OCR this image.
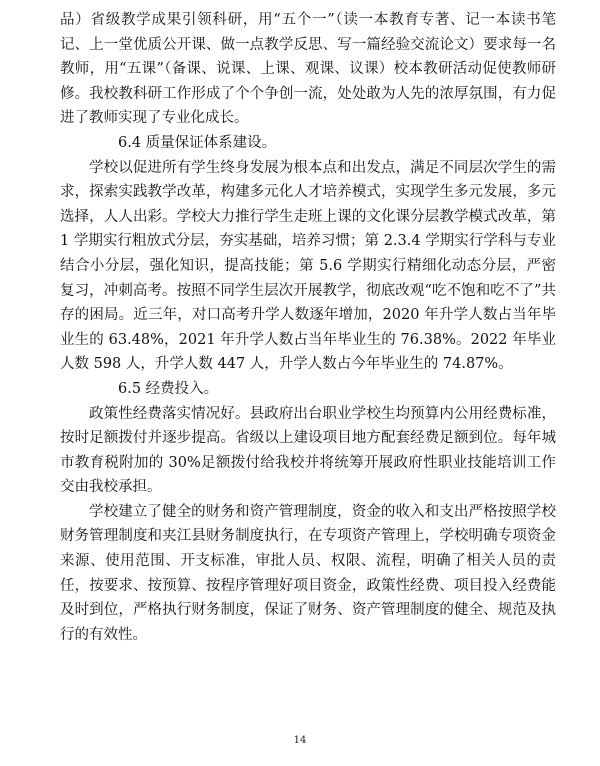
品）省级教学成果引领科研，用“五个一”（读一本教育专著、记一本读书笔记、上一堂优质公开课、做一点教学反思、写一篇经验交流论文）要求每一名教师，用“五课”（备课、说课、上课、观课、议课）校本教研活动促使教师研修。我校教科研工作形成了个个争创一流，处处敢为人先的浓厚氛围，有力促进了教师实现了专业化成长。

6.4 质量保证体系建设。

学校以促进所有学生终身发展为根本点和出发点，满足不同层次学生的需求，探索实践教学改革，构建多元化人才培养模式，实现学生多元发展，多元选择，人人出彩。学校大力推行学生走班上课的文化课分层教学模式改革，第 1 学期实行粗放式分层，夯实基础，培养习惯；第 2.3.4 学期实行学科与专业结合小分层，强化知识，提高技能；第 5.6 学期实行精细化动态分层，严密复习，冲刺高考。按照不同学生层次开展教学，彻底改观“吃不饱和吃不了”共存的困局。近三年，对口高考升学人数逐年增加，2020 年升学人数占当年毕业生的 63.48%，2021 年升学人数占当年毕业生的 76.38%。2022 年毕业人数 598 人，升学人数 447 人，升学人数占今年毕业生的 74.87%。

6.5 经费投入。

政策性经费落实情况好。县政府出台职业学校生均预算内公用经费标准，按时足额拨付并逐步提高。省级以上建设项目地方配套经费足额到位。每年城市教育税附加的 30%足额拨付给我校并将统筹开展政府性职业技能培训工作交由我校承担。

学校建立了健全的财务和资产管理制度，资金的收入和支出严格按照学校财务管理制度和夹江县财务制度执行，在专项资产管理上，学校明确专项资金来源、使用范围、开支标准，审批人员、权限、流程，明确了相关人员的责任，按要求、按预算、按程序管理好项目资金，政策性经费、项目投入经费能及时到位，严格执行财务制度，保证了财务、资产管理制度的健全、规范及执行的有效性。

14
